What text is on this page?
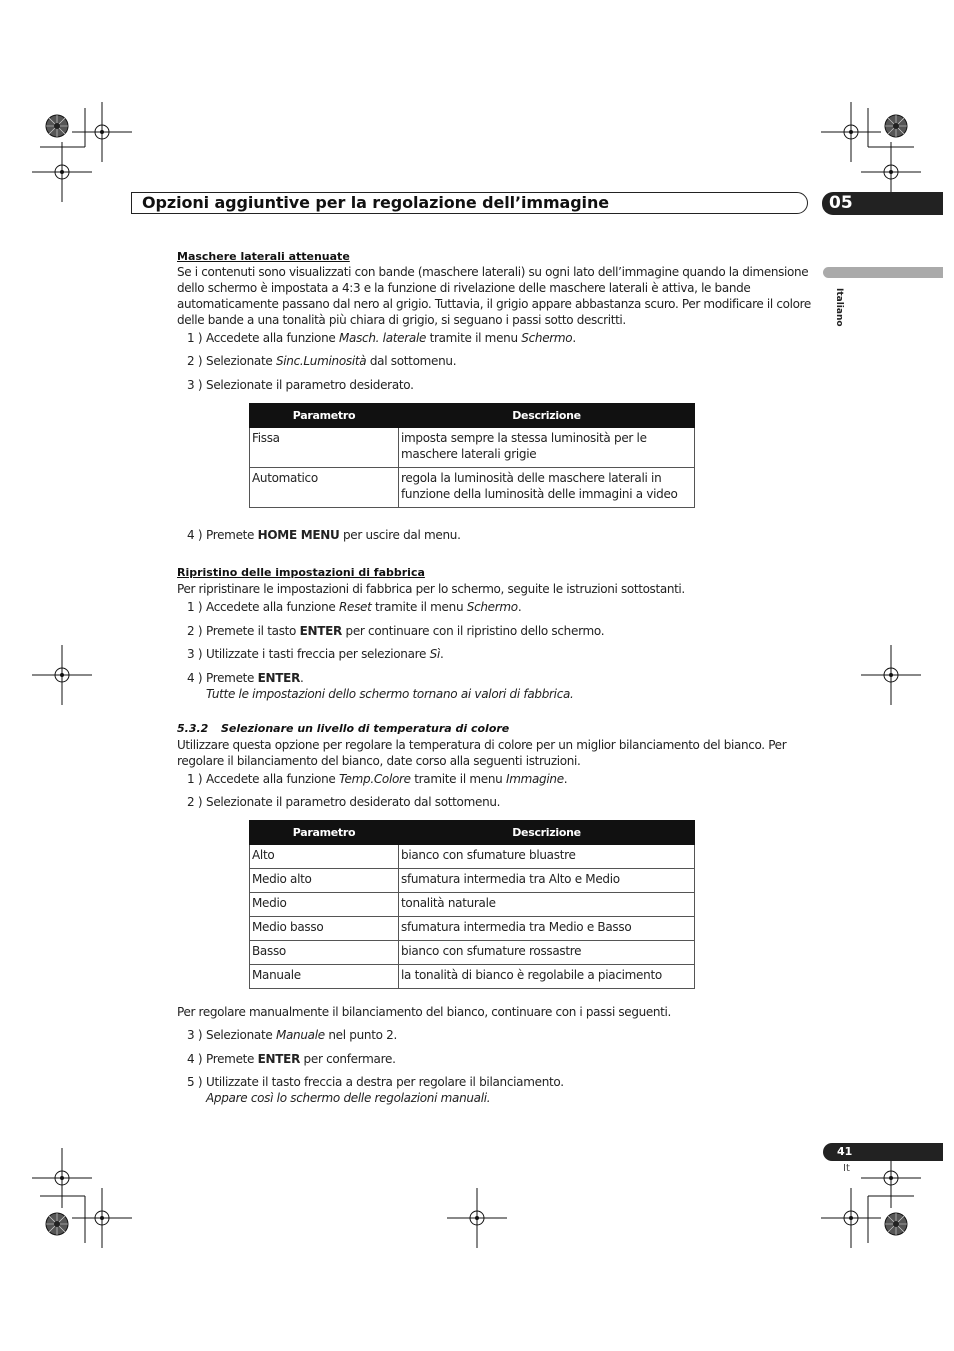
Opzioni aggiuntive per la regolazione dell’immagine	05
Italiano
Maschere laterali attenuate

Se i contenuti sono visualizzati con bande (maschere laterali) su ogni lato dell’immagine quando la dimensione dello schermo è impostata a 4:3 e la funzione di rivelazione delle maschere laterali è attiva, le bande automaticamente passano dal nero al grigio. Tuttavia, il grigio appare abbastanza scuro. Per modificare il colore delle bande a una tonalità più chiara di grigio, si seguano i passi sotto descritti.

1 ) Accedete alla funzione Masch. laterale tramite il menu Schermo.
2 ) Selezionate Sinc.Luminosità dal sottomenu.
3 ) Selezionate il parametro desiderato.
Parametro	Descrizione
Fissa	imposta sempre la stessa luminosità per le maschere laterali grigie
Automatico	regola la luminosità delle maschere laterali in funzione della luminosità delle immagini a video
4 ) Premete HOME MENU per uscire dal menu.
Ripristino delle impostazioni di fabbrica

Per ripristinare le impostazioni di fabbrica per lo schermo, seguite le istruzioni sottostanti.

1 ) Accedete alla funzione Reset tramite il menu Schermo.
2 ) Premete il tasto ENTER per continuare con il ripristino dello schermo.
3 ) Utilizzate i tasti freccia per selezionare Sì.
4 ) Premete ENTER.
Tutte le impostazioni dello schermo tornano ai valori di fabbrica.
5.3.2 Selezionare un livello di temperatura di colore

Utilizzare questa opzione per regolare la temperatura di colore per un miglior bilanciamento del bianco. Per regolare il bilanciamento del bianco, date corso alla seguenti istruzioni.

1 ) Accedete alla funzione Temp.Colore tramite il menu Immagine.
2 ) Selezionate il parametro desiderato dal sottomenu.
Parametro	Descrizione
Alto	bianco con sfumature bluastre
Medio alto	sfumatura intermedia tra Alto e Medio
Medio	tonalità naturale
Medio basso	sfumatura intermedia tra Medio e Basso
Basso	bianco con sfumature rossastre
Manuale	la tonalità di bianco è regolabile a piacimento

Per regolare manualmente il bilanciamento del bianco, continuare con i passi seguenti.

3 ) Selezionate Manuale nel punto 2.
4 ) Premete ENTER per confermare.
5 ) Utilizzate il tasto freccia a destra per regolare il bilanciamento.
Appare così lo schermo delle regolazioni manuali.
41
It
